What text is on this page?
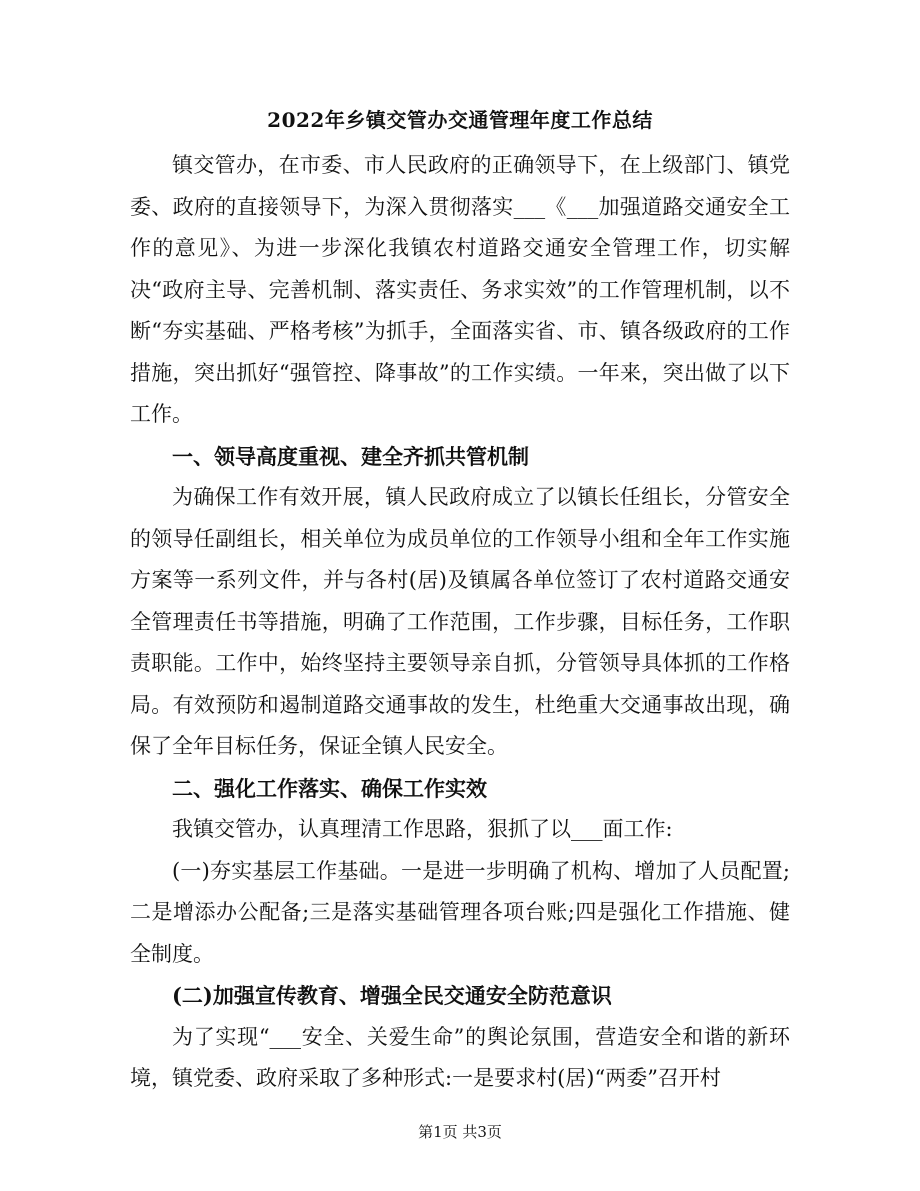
2022年乡镇交管办交通管理年度工作总结

镇交管办，在市委、市人民政府的正确领导下，在上级部门、镇党委、政府的直接领导下，为深入贯彻落实___《___加强道路交通安全工作的意见》、为进一步深化我镇农村道路交通安全管理工作，切实解决“政府主导、完善机制、落实责任、务求实效”的工作管理机制，以不断“夯实基础、严格考核”为抓手，全面落实省、市、镇各级政府的工作措施，突出抓好“强管控、降事故”的工作实绩。一年来，突出做了以下工作。

一、领导高度重视、建全齐抓共管机制

为确保工作有效开展，镇人民政府成立了以镇长任组长，分管安全的领导任副组长，相关单位为成员单位的工作领导小组和全年工作实施方案等一系列文件，并与各村(居)及镇属各单位签订了农村道路交通安全管理责任书等措施，明确了工作范围，工作步骤，目标任务，工作职责职能。工作中，始终坚持主要领导亲自抓，分管领导具体抓的工作格局。有效预防和遏制道路交通事故的发生，杜绝重大交通事故出现，确保了全年目标任务，保证全镇人民安全。

二、强化工作落实、确保工作实效

我镇交管办，认真理清工作思路，狠抓了以___面工作:

(一)夯实基层工作基础。一是进一步明确了机构、增加了人员配置;二是增添办公配备;三是落实基础管理各项台账;四是强化工作措施、健全制度。

(二)加强宣传教育、增强全民交通安全防范意识

为了实现“___安全、关爱生命”的舆论氛围，营造安全和谐的新环境，镇党委、政府采取了多种形式:一是要求村(居)“两委”召开村

第1页 共3页
